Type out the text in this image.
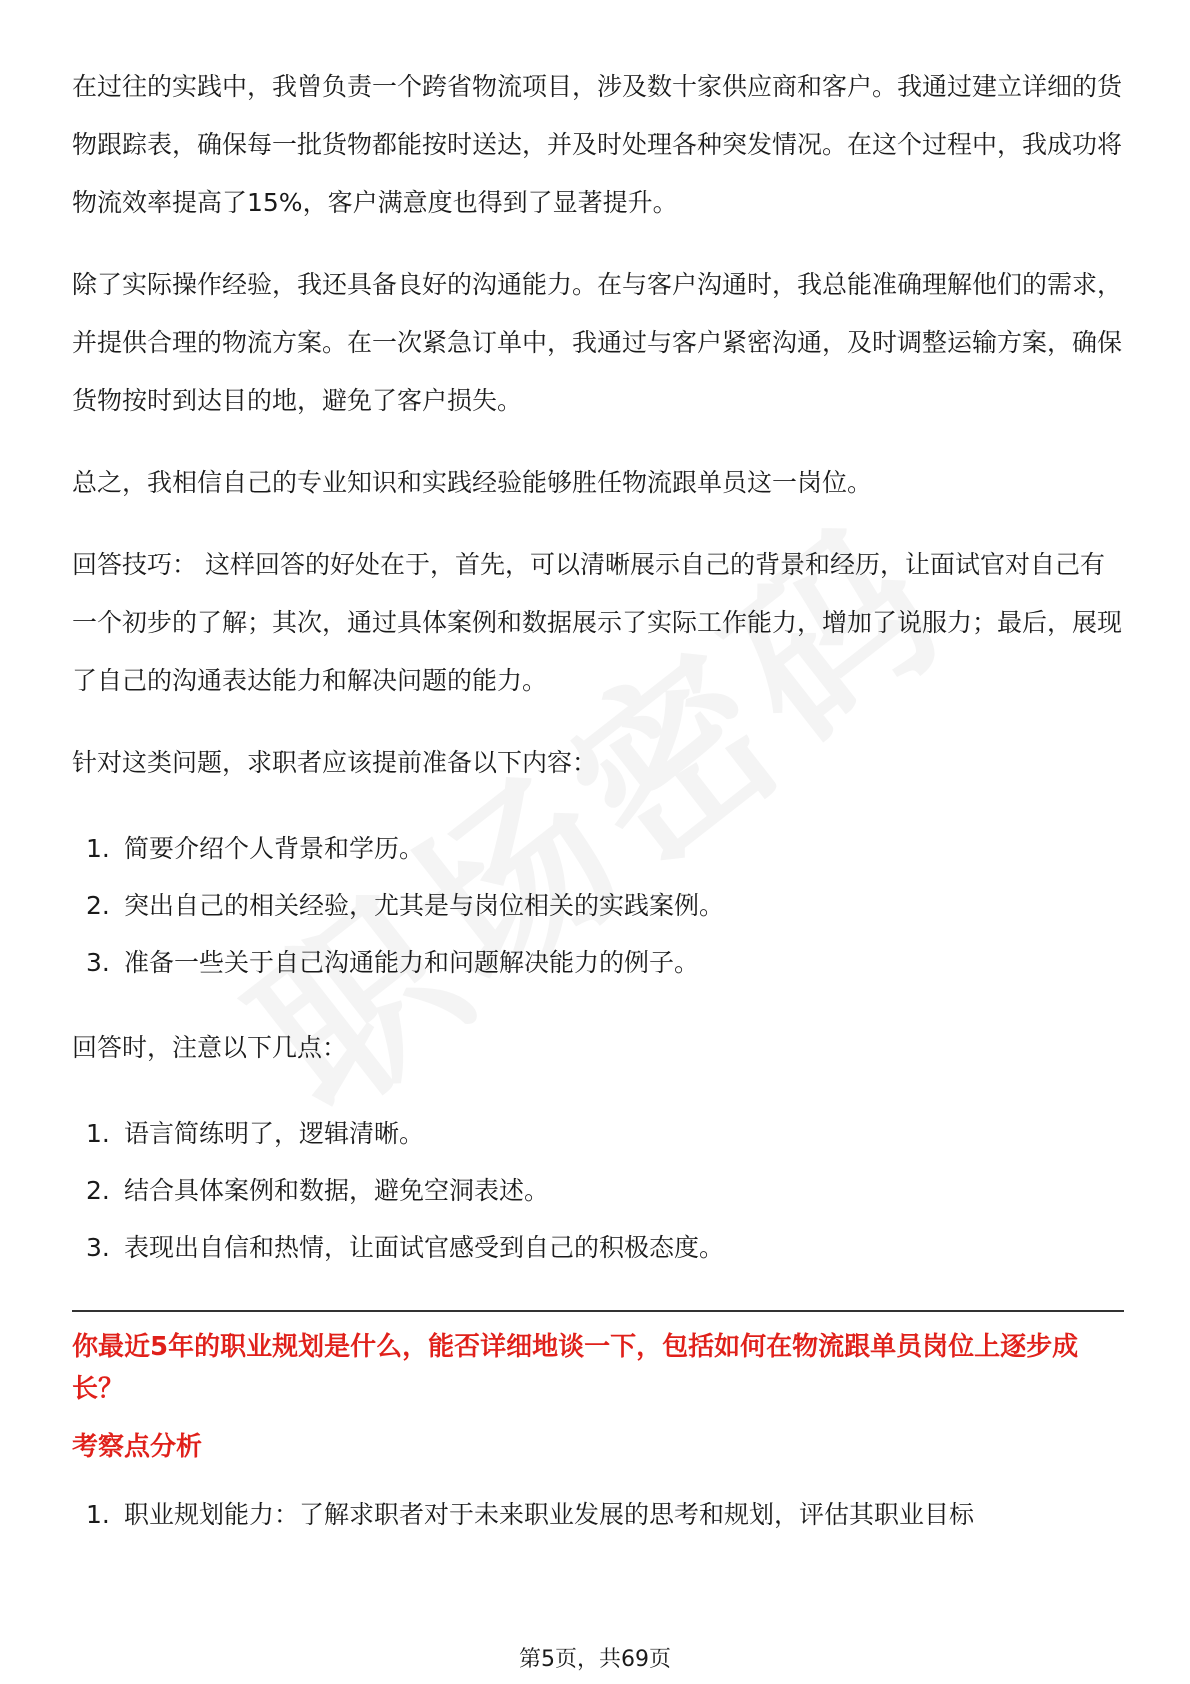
在过往的实践中，我曾负责一个跨省物流项目，涉及数十家供应商和客户。我通过建立详细的货物跟踪表，确保每一批货物都能按时送达，并及时处理各种突发情况。在这个过程中，我成功将物流效率提高了15%，客户满意度也得到了显著提升。

除了实际操作经验，我还具备良好的沟通能力。在与客户沟通时，我总能准确理解他们的需求，并提供合理的物流方案。在一次紧急订单中，我通过与客户紧密沟通，及时调整运输方案，确保货物按时到达目的地，避免了客户损失。

总之，我相信自己的专业知识和实践经验能够胜任物流跟单员这一岗位。

回答技巧： 这样回答的好处在于，首先，可以清晰展示自己的背景和经历，让面试官对自己有一个初步的了解；其次，通过具体案例和数据展示了实际工作能力，增加了说服力；最后，展现了自己的沟通表达能力和解决问题的能力。

针对这类问题，求职者应该提前准备以下内容：

1. 简要介绍个人背景和学历。
2. 突出自己的相关经验，尤其是与岗位相关的实践案例。
3. 准备一些关于自己沟通能力和问题解决能力的例子。

回答时，注意以下几点：

1. 语言简练明了，逻辑清晰。
2. 结合具体案例和数据，避免空洞表述。
3. 表现出自信和热情，让面试官感受到自己的积极态度。

你最近5年的职业规划是什么，能否详细地谈一下，包括如何在物流跟单员岗位上逐步成长？

考察点分析

1. 职业规划能力：了解求职者对于未来职业发展的思考和规划，评估其职业目标
第5页，共69页
